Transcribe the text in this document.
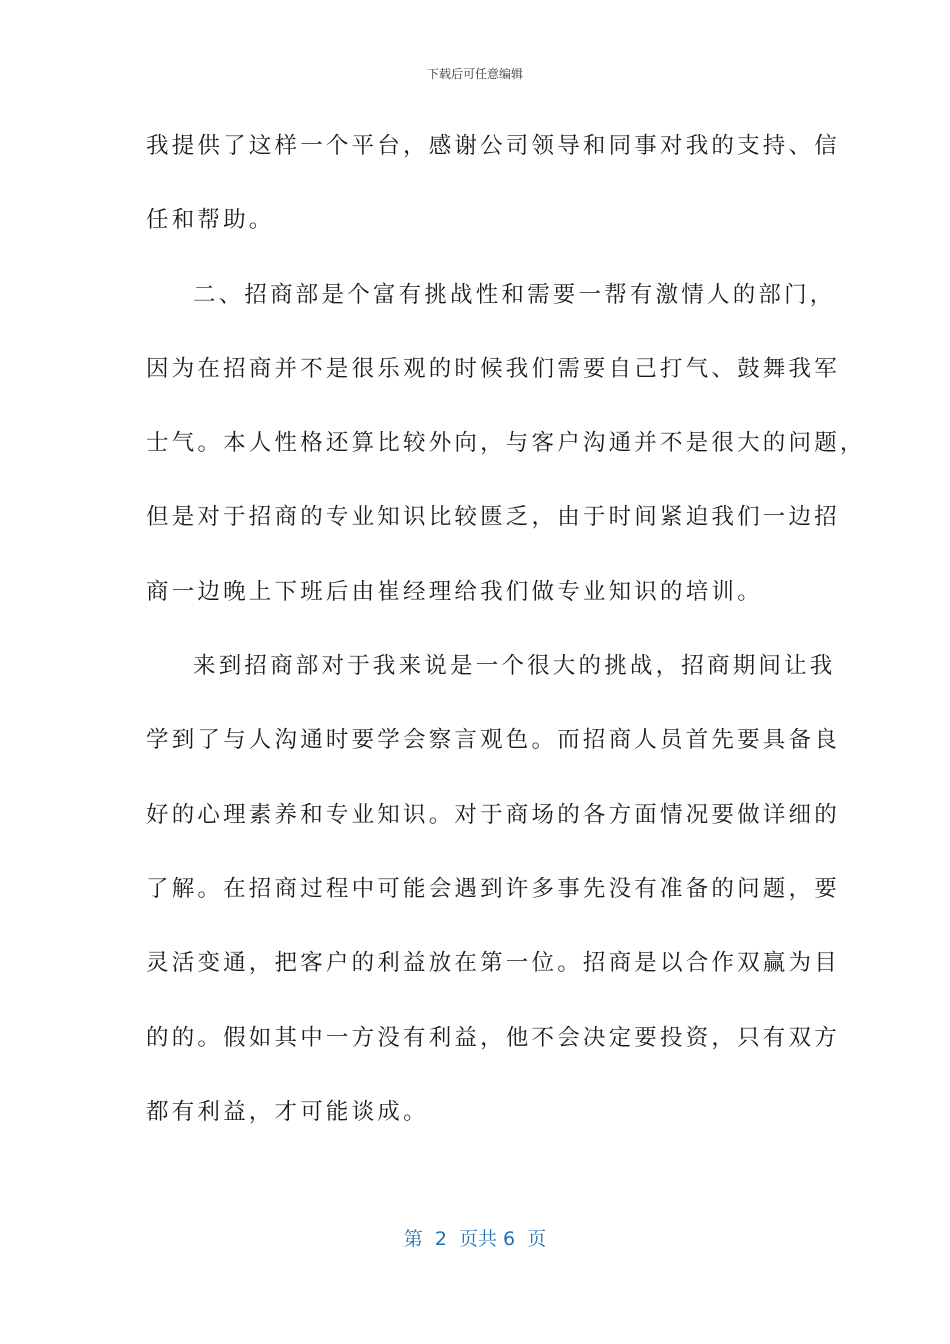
下载后可任意编辑
我提供了这样一个平台，感谢公司领导和同事对我的支持、信
任和帮助。
二、招商部是个富有挑战性和需要一帮有激情人的部门，
因为在招商并不是很乐观的时候我们需要自己打气、鼓舞我军
士气。本人性格还算比较外向，与客户沟通并不是很大的问题，
但是对于招商的专业知识比较匮乏，由于时间紧迫我们一边招
商一边晚上下班后由崔经理给我们做专业知识的培训。
来到招商部对于我来说是一个很大的挑战，招商期间让我
学到了与人沟通时要学会察言观色。而招商人员首先要具备良
好的心理素养和专业知识。对于商场的各方面情况要做详细的
了解。在招商过程中可能会遇到许多事先没有准备的问题，要
灵活变通，把客户的利益放在第一位。招商是以合作双赢为目
的的。假如其中一方没有利益，他不会决定要投资，只有双方
都有利益，才可能谈成。
第  2  页共 6  页
